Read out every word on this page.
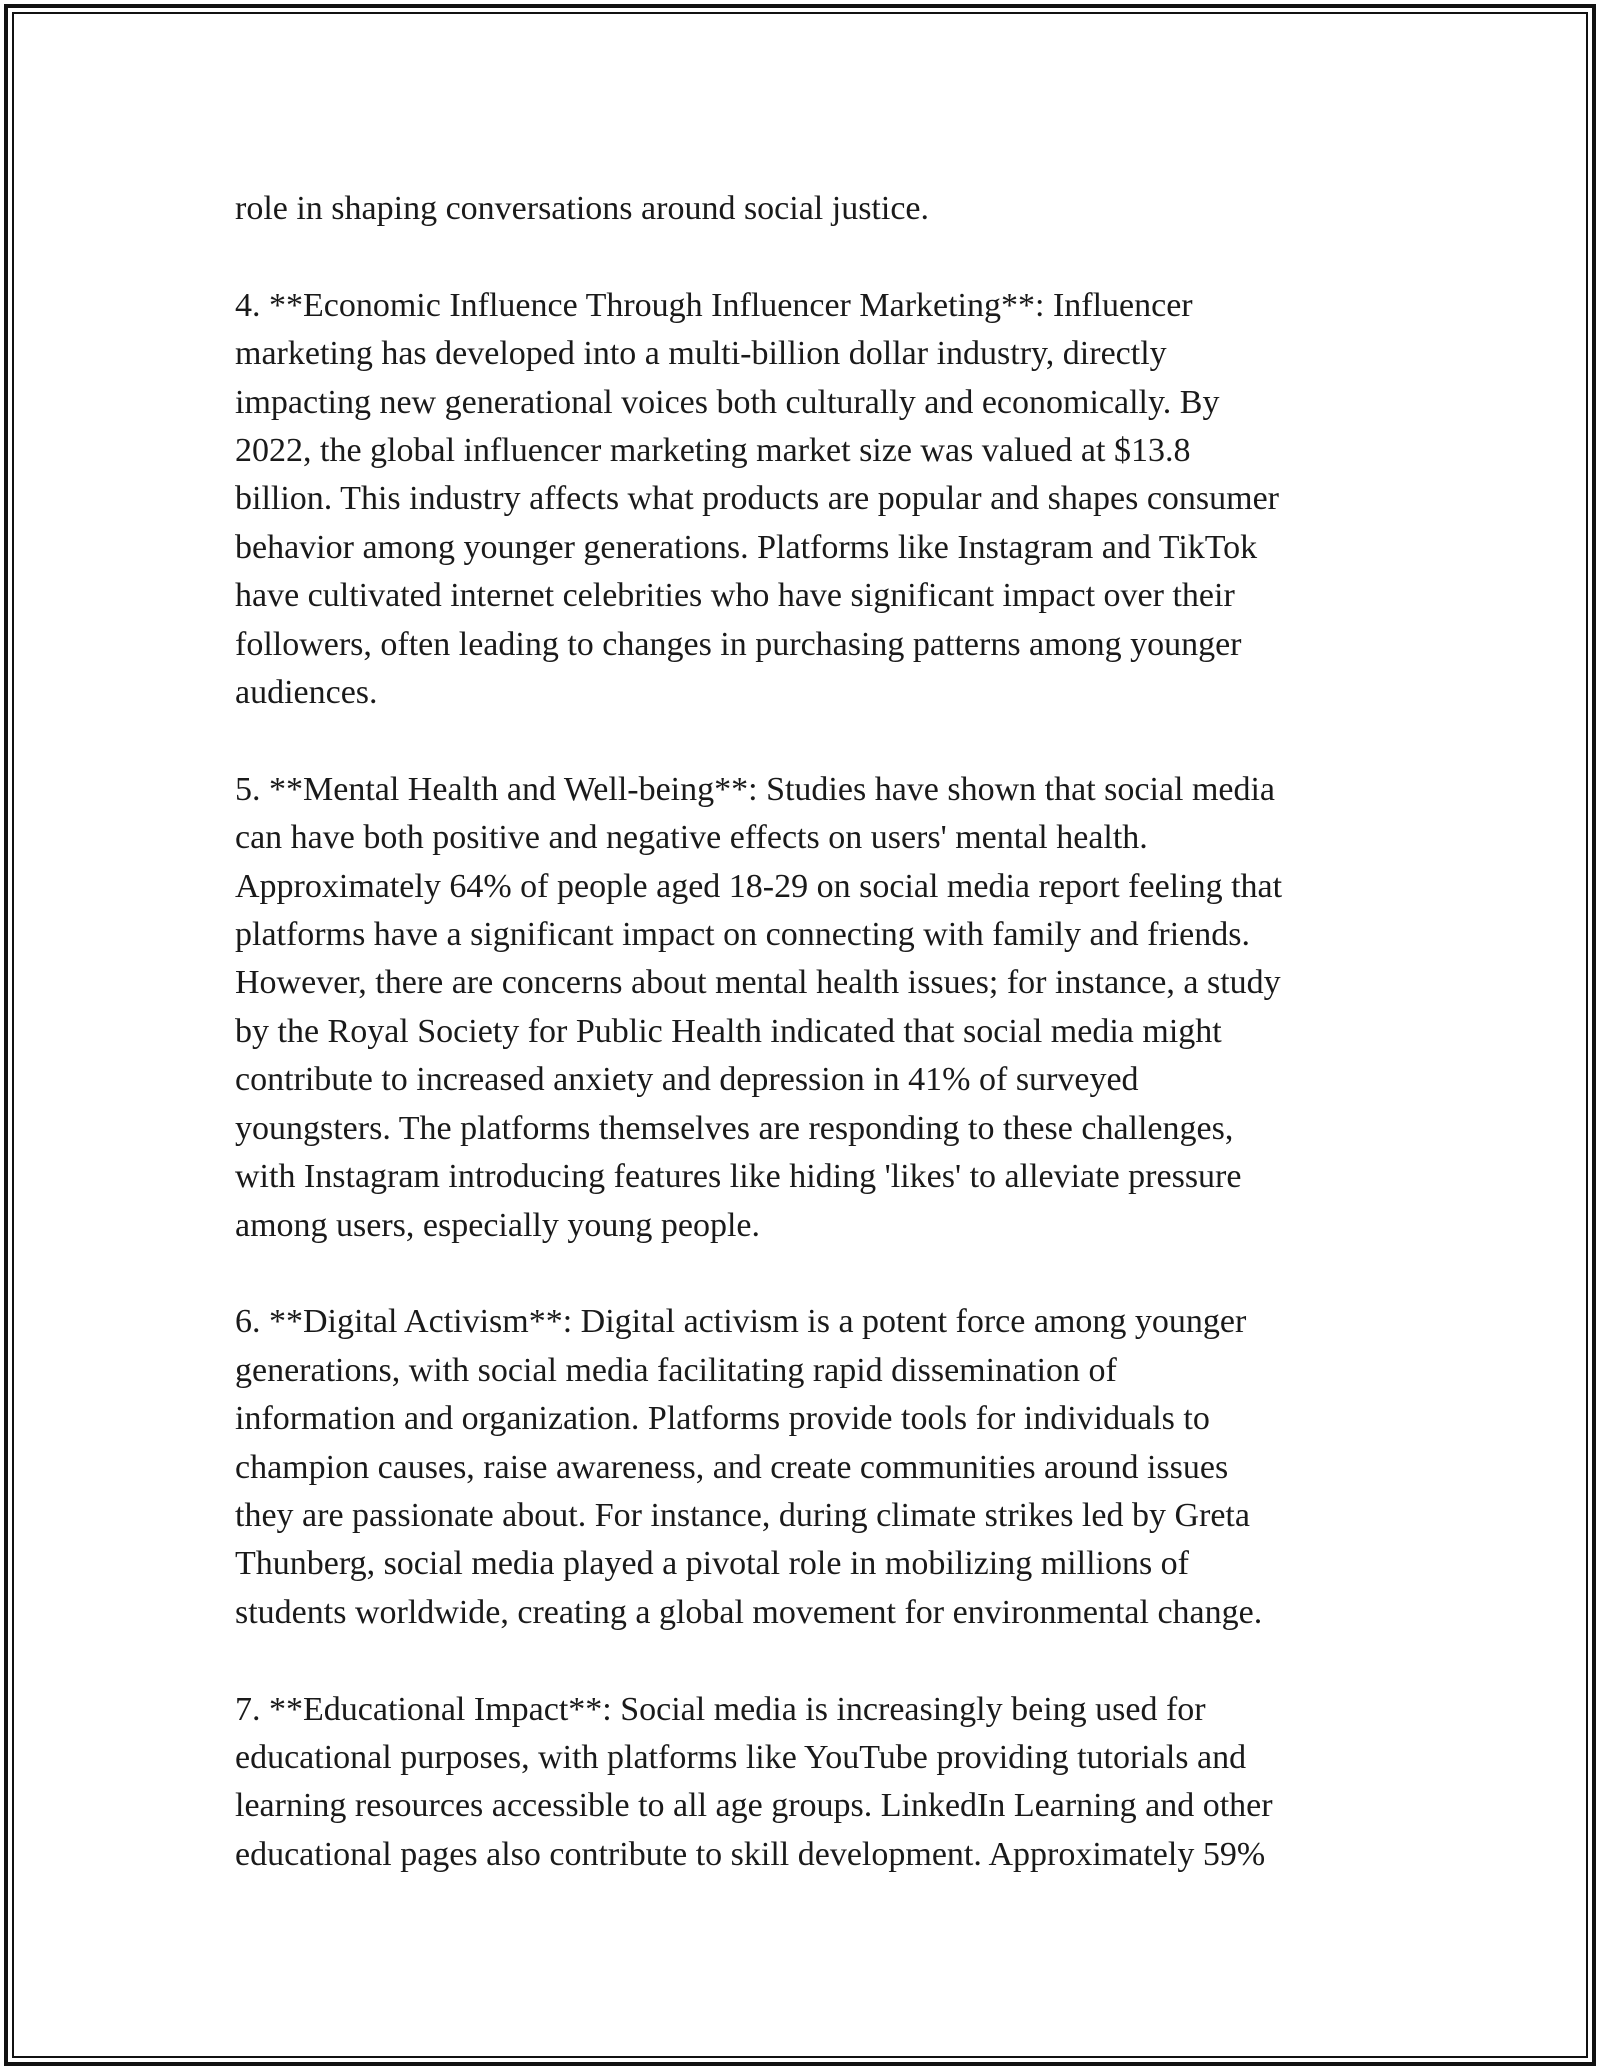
role in shaping conversations around social justice.

4. **Economic Influence Through Influencer Marketing**: Influencer
marketing has developed into a multi-billion dollar industry, directly
impacting new generational voices both culturally and economically. By
2022, the global influencer marketing market size was valued at $13.8
billion. This industry affects what products are popular and shapes consumer
behavior among younger generations. Platforms like Instagram and TikTok
have cultivated internet celebrities who have significant impact over their
followers, often leading to changes in purchasing patterns among younger
audiences.

5. **Mental Health and Well-being**: Studies have shown that social media
can have both positive and negative effects on users' mental health.
Approximately 64% of people aged 18-29 on social media report feeling that
platforms have a significant impact on connecting with family and friends.
However, there are concerns about mental health issues; for instance, a study
by the Royal Society for Public Health indicated that social media might
contribute to increased anxiety and depression in 41% of surveyed
youngsters. The platforms themselves are responding to these challenges,
with Instagram introducing features like hiding 'likes' to alleviate pressure
among users, especially young people.

6. **Digital Activism**: Digital activism is a potent force among younger
generations, with social media facilitating rapid dissemination of
information and organization. Platforms provide tools for individuals to
champion causes, raise awareness, and create communities around issues
they are passionate about. For instance, during climate strikes led by Greta
Thunberg, social media played a pivotal role in mobilizing millions of
students worldwide, creating a global movement for environmental change.

7. **Educational Impact**: Social media is increasingly being used for
educational purposes, with platforms like YouTube providing tutorials and
learning resources accessible to all age groups. LinkedIn Learning and other
educational pages also contribute to skill development. Approximately 59%
